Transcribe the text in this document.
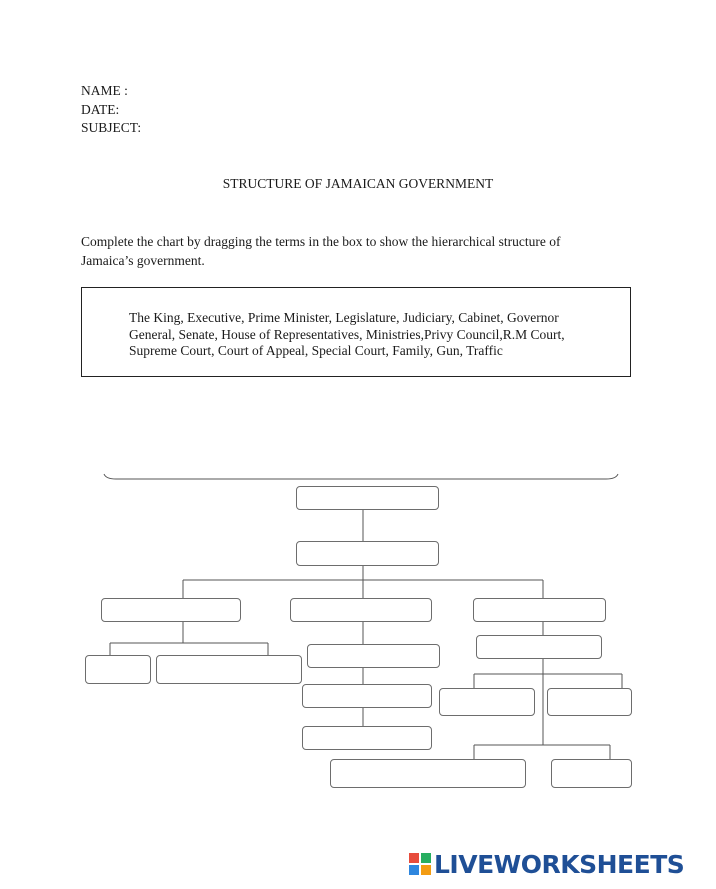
NAME :
DATE:
SUBJECT:
STRUCTURE OF JAMAICAN GOVERNMENT
Complete the chart by dragging the terms in the box to show the hierarchical structure of Jamaica’s government.
The King, Executive, Prime Minister, Legislature, Judiciary, Cabinet, Governor
General, Senate, House of Representatives, Ministries,Privy Council,R.M Court,
Supreme Court, Court of Appeal, Special Court, Family, Gun, Traffic
LIVEWORKSHEETS
